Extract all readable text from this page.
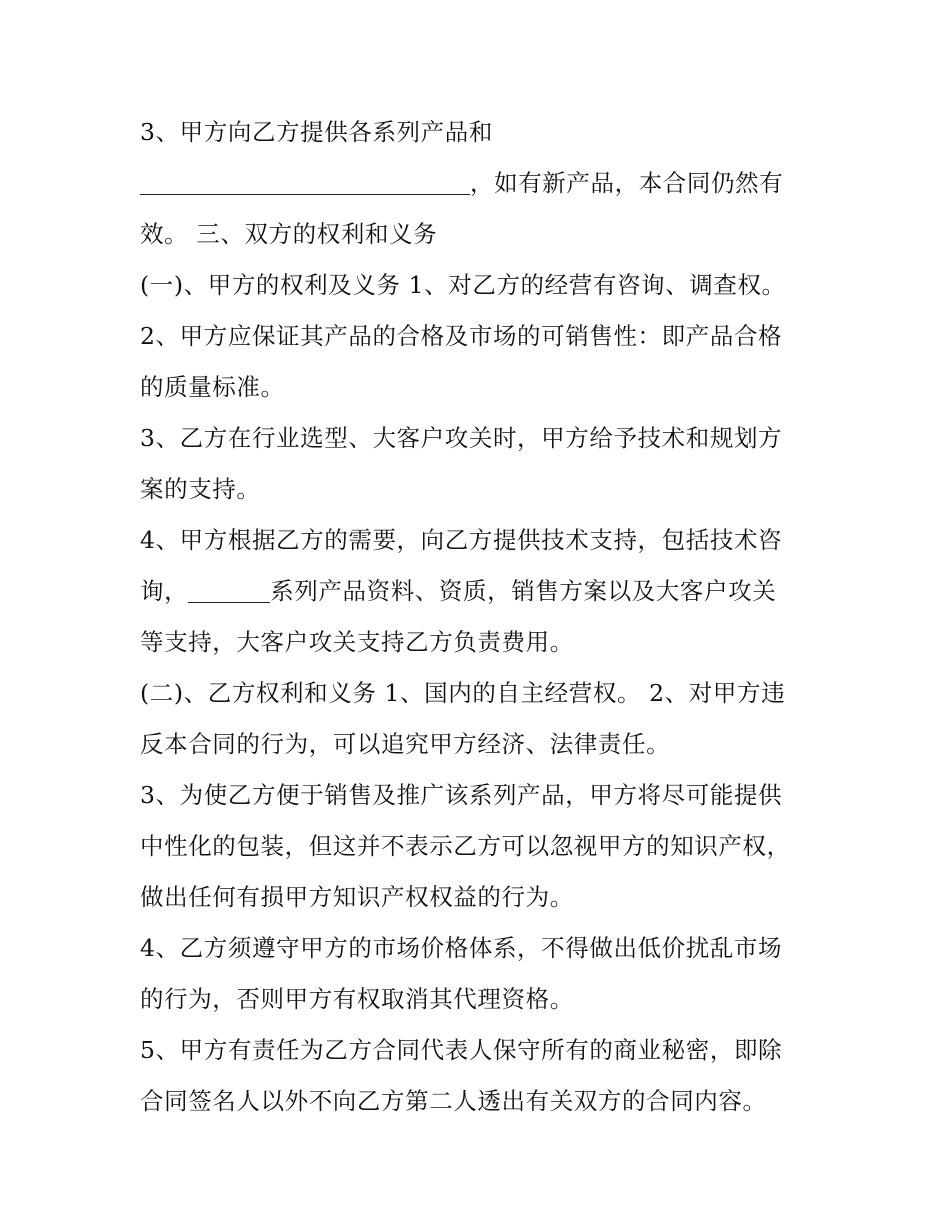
3、甲方向乙方提供各系列产品和
，如有新产品，本合同仍然有
效。 三、双方的权利和义务

(一)、甲方的权利及义务 1、对乙方的经营有咨询、调查权。

2、甲方应保证其产品的合格及市场的可销售性：即产品合格
的质量标准。

3、乙方在行业选型、大客户攻关时，甲方给予技术和规划方
案的支持。

4、甲方根据乙方的需要，向乙方提供技术支持，包括技术咨
询，	系列产品资料、资质，销售方案以及大客户攻关
等支持，大客户攻关支持乙方负责费用。

(二)、乙方权利和义务 1、国内的自主经营权。 2、对甲方违
反本合同的行为，可以追究甲方经济、法律责任。

3、为使乙方便于销售及推广该系列产品，甲方将尽可能提供
中性化的包装，但这并不表示乙方可以忽视甲方的知识产权，
做出任何有损甲方知识产权权益的行为。

4、乙方须遵守甲方的市场价格体系，不得做出低价扰乱市场
的行为，否则甲方有权取消其代理资格。

5、甲方有责任为乙方合同代表人保守所有的商业秘密，即除
合同签名人以外不向乙方第二人透出有关双方的合同内容。
